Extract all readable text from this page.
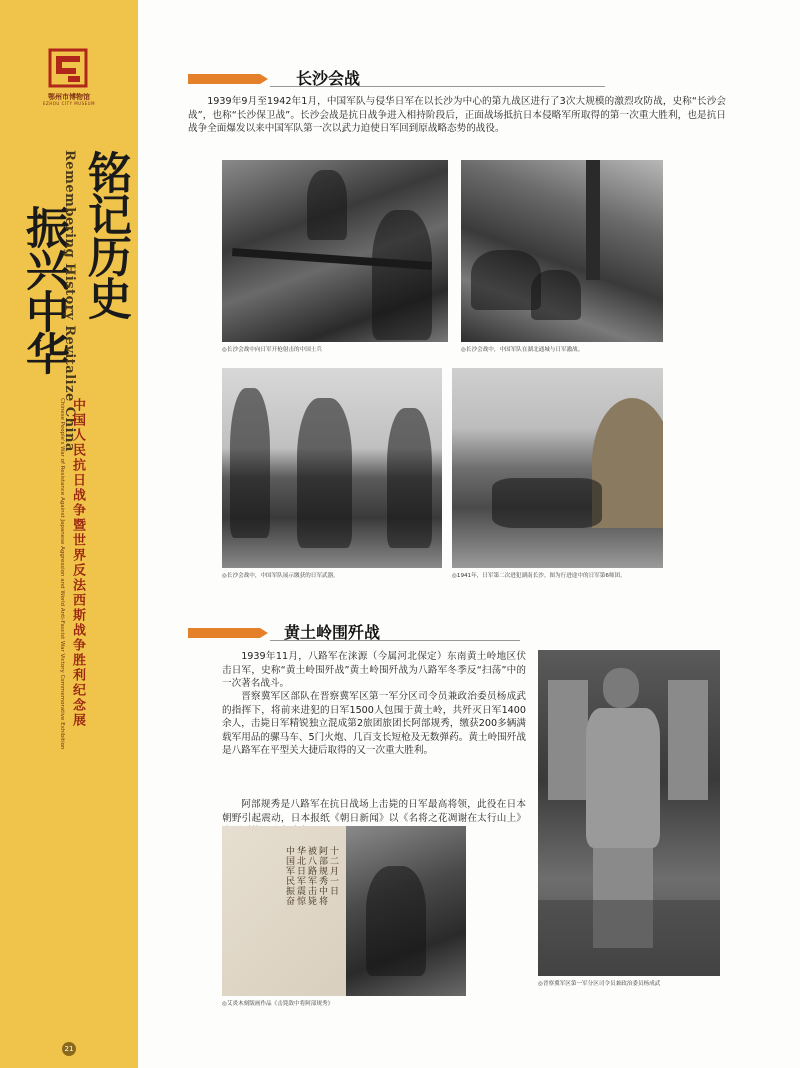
鄂州市博物馆
EZHOU CITY MUSEUM
铭记历史
振兴中华
Remembering History Revitalize China
中国人民抗日战争暨世界反法西斯战争胜利纪念展
Chinese People's War of Resistance Against Japanese Aggression and World Anti-Fascist War Victory Commemorative Exhibition
21
长沙会战

1939年9月至1942年1月，中国军队与侵华日军在以长沙为中心的第九战区进行了3次大规模的激烈攻防战，史称“长沙会战”，也称“长沙保卫战”。长沙会战是抗日战争进入相持阶段后，正面战场抵抗日本侵略军所取得的第一次重大胜利，也是抗日战争全面爆发以来中国军队第一次以武力迫使日军回到原战略态势的战役。

◎长沙会战中向日军开枪射击的中国士兵	◎长沙会战中，中国军队在湖北通城与日军激战。
◎长沙会战中，中国军队展示缴获的日军武器。	◎1941年，日军第二次进犯湖南长沙。图为行进途中的日军第6师团。
黄土岭围歼战

1939年11月，八路军在涞源（今属河北保定）东南黄土岭地区伏击日军，史称“黄土岭围歼战”黄土岭围歼战为八路军冬季反“扫荡”中的一次著名战斗。

晋察冀军区部队在晋察冀军区第一军分区司令员兼政治委员杨成武的指挥下，将前来进犯的日军1500人包围于黄土岭，共歼灭日军1400余人，击毙日军精锐独立混成第2旅团旅团长阿部规秀，缴获200多辆满载军用品的骡马车、5门火炮、几百支长短枪及无数弹药。黄土岭围歼战是八路军在平型关大捷后取得的又一次重大胜利。

阿部规秀是八路军在抗日战场上击毙的日军最高将领，此役在日本朝野引起震动，日本报纸《朝日新闻》以《名将之花凋谢在太行山上》

十二月一日
阿部规秀中将
被八路军击毙
华北日军震惊
中国军民振奋
◎艾炎木刻版画作品《击毙敌中将阿部规秀》
◎晋察冀军区第一军分区司令员兼政治委员杨成武
